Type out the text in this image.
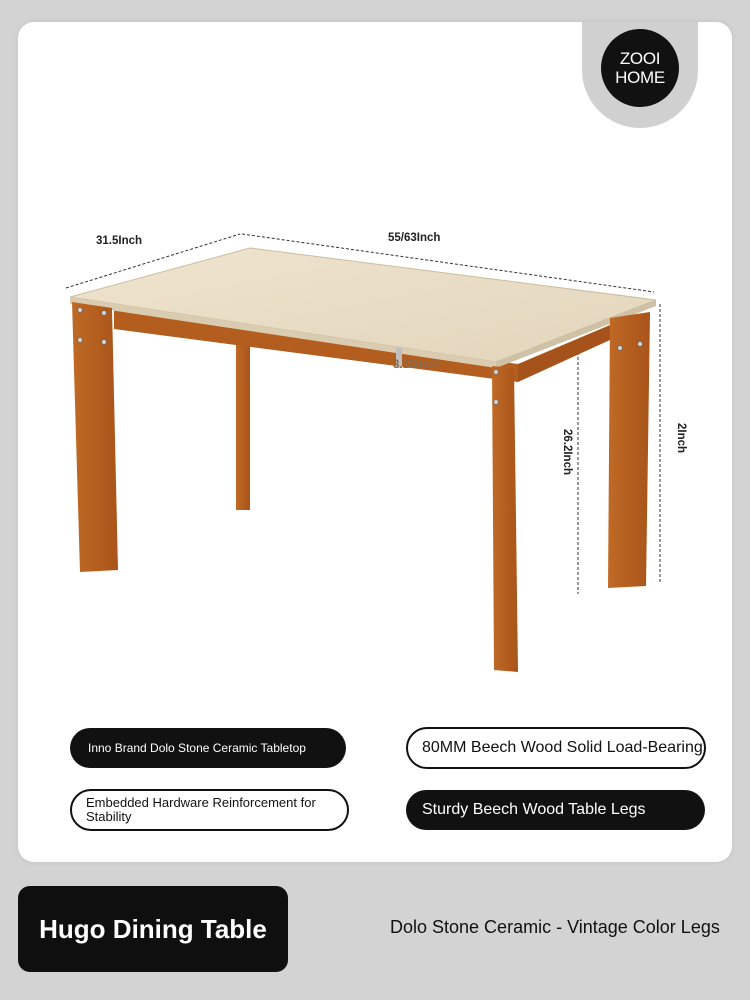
ZOOI
HOME
31.5Inch	55/63Inch
3.15Inch
26.2Inch	2Inch
Inno Brand Dolo Stone Ceramic Tabletop	80MM Beech Wood Solid Load-Bearing
Embedded Hardware Reinforcement for Stability	Sturdy Beech Wood Table Legs
Hugo Dining Table	Dolo Stone Ceramic - Vintage Color Legs
